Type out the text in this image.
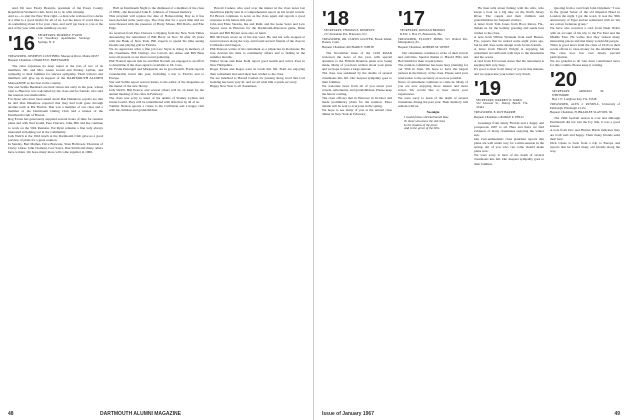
And I'm sure Fuzzy Besnick, president of the Essex County Republican Women's Club, had a lot to do with winning.
And so—to start the New Year right—a man who reviewed two decks at a time is a good model for all of us. Let me know if you'd like to do something about it for your class, and we'll get back to you at the end of the year with some summary on rest.

'16 SECRETARY, MORRIS F. EVANS
112 Woodbury Apartments, Saratoga Springs, N. Y.
TREASURER, JOSEPH H. COUTINHO, Sheepscot River, Maine 04537
Bequest Chairman, CHARLES E. BREYMAIER

The class expresses its deep regret at the loss of two of its members. Mr. and Mrs. Glenn Gould and Stanley Lyman, and sympathy to their families for sincere sympathy. Their widows and members will give up in support of the DARTMOUTH ALUMNI MAGAZINE as the best in the country.
Star and Selma Bernhard are their return last early in the year, whose visit to Hanover was welcomed by the class and its friends, who said the reunion was memorable.
For those who have been asked about Dan Dinsmore, reports are that he and Dan Dinsmore reported that they had both gone through another term at Bar Harbor. Dan was a member of our class and a member of the Dartmouth Outing Club and a trustee of the Dartmouth Club of Boston.
Rog Evans has generously supplied several hours of time for reunion plans and with Ned Gould, Pete Chevers, John, Bill and Ike continue to work on the 50th Reunion. Pat Ryan remains a fine lady always interested in helping out in the community.
Jack Welch at the 1916 lunch at the Dartmouth Club gave us a good preview of plans for a great reunion.
In Sunday, Bert Mathes, Dave Brewster, Slats Holbrook, Thornton of Chevy Chase, John Clement, Lew Sayre, Dan Smith and many others have written. We hope many more will come together in 1966.

Hall on Dartmouth Night to the dismissal of a member of the class of 1866—the Reverend John E. Johnson, of blessed memory.
This program will replace the date of Homecoming Day as it has been decided some years ago. The class met for a good time and we were blessed with the presence of Harry Moses, Bill Davis, and Elie Pugs.
As received from Pete Chevers a clipping from the New York Times announcing the retirement of Bill Berry on Nov. 30 after 43 years with the Bank of New York. Bill expects to spend his time seeing friends and playing golf in Florida.
We do appreciate what a fine job Lew Sayre is doing in memory of his classmates. Bill Chelsey, Joe Carroll, Art Ames and Bill Buss were all present at our most recent gathering.
Phil Noxtell reports that he and Phil Noxtell are engaged to an effort to determine if the class agent is available to Dr. Cass.
Dr. Frank Pettengill and Marguerite are in good health. Frank reports considerable travel this year, including a trip to Florida and to Europe.
Star and Selma report several letters to the editor of the magazine on the matter of the new library.
Jack Welch, Bill Pearce, and several others will be on hand for the annual meeting of the class in February.
The class was sorry to learn of the deaths of Stanley Lyman and Glenn Gould. They will be remembered with affection by all of us.
Tommy Nelson reports a cruise to the Caribbean and a happy visit with his children and grandchildren.

Harold Cashen, who read over the matter in the class notes last month has kindly sent in a comprehensive report on his recent travels.
Ed Brown continues to serve as the class agent and reports a good response to his letters this year.
John and Elsie Stearns, Ike and Ruth, and the Gene Sears and Lew Sayres were in Hanover for the Dartmouth-Princeton game. Rube Green and Bill Bryant were also on hand.
Bill McClean wrote us of his trip west. He and his wife stopped at several places along the way, and found several friends of the class in California and Oregon.
Phil Pearson writes of his retirement as a physician in Rochester. He now devotes his time to community affairs and to fishing in the summer months.
Walter Stone and Russ Kohl report good health and active lives in New Hampshire.
Roger Evans and Roger were in touch this fall. Both are enjoying their retirement and send their best wishes to the class.
We are indebted to Harold Cashen for passing along word that Carl Gehring has been very ill, and we all wish him a quick recovery.
Happy New Year to all classmates.

48	DARTMOUTH ALUMNI MAGAZINE
'18 SECRETARY, THOMAS E. KEMPLEY
217 Alexander Rd., Princeton, N.J.
TREASURER, DR. CURTIS GLOVER, Brook Island, Darien, Conn.
Bequest Chairman, RICHARD F. WHITE

The November issue of the 1918 ROAR reviewed the news of the year, with special attention to the Fiftieth Reunion plans now being made. Many of you have written about your plans and we hope to have a large turnout.
The class was saddened by the deaths of several classmates this fall. Our deepest sympathy goes to their families.
We welcome news from all of you about your travels, retirements, and grandchildren. Please keep the letters coming.
The class officers met in Hanover in October and made preliminary plans for the reunion. More details will be sent to everyone in the spring.
We hope to see many of you at the annual class dinner in New York in February.

'17 SECRETARY, DONALD BROOKS
R.F.D. 1, Box 27, Brunswick, Me.
TREASURER, ELLIOTT BOND, 515 Oxford Rd., Montgomery, Pa.
Bequest Chairman, ROBERT M. WHITE

Our classmates continue to write of their travels and activities. Special thanks to Harold Ellis and Ben Smith for their recent letters.
The reunion committee has been busy planning for our 50th in June. We hope to have the largest turnout in the history of the class. Please send your reservation to the secretary as soon as possible.
News of retirement continues to come in. Many of you are now enjoying more leisure and more travel. We would like to hear about your experiences.
We were sorry to learn of the death of several classmates during the past year. Their memory will remain with us.

Nostalgia
I would follow old Dartmouth Row
To those who know the old class
In the shadow of the pines
And in the green of the hills.

He then tells about fishing with his wife, who keeps a boat on a big lake on the North Jersey River. The couple and their children and grandchildren are frequent visitors.
A letter from Tom Jones from Boca Raton, Fla., thanks us for the holiday greeting and sends best wishes to the class.
A note from Wilbur Wolstein from Gulf Breeze, Fla., reports that he retired some eight years ago, but he still does some design work for his friends.
A letter from Harold Wright is enjoying his retirement in California with trips to the mountains and the ocean.
A card from Ed Gowen states that his retirement is keeping him very busy.
It's good to hear from many of you in this manner, and we appreciate your letters very much.

'19 SECRETARY, WARREN W. WARD
312 Gleason St., Delray Beach, Fla. 33444
TREASURER, E. ROY BARRIE
Bequest Chairman, GEORGE P. FIELD

Greetings from sunny Florida and a happy and prosperous 1967 to all. Here and there we find evidence of many classmates enjoying the winter sun.
Our ever-enthusiastic class president reports that plans are well under way for a mini-reunion in the spring. All of you who can come should make plans now.
We were sorry to hear of the death of several classmates this fall. Our deepest sympathy goes to their families.

Quoting from a card from John Chipman: "I was in the 'grand Salon' of the old Imperial Hotel in London the night I got the word. It was the 50th anniversary of Tiger and he celebrated with us. We are a most fortunate group."
We have also received a card from Nash Wolfe with an account of his trip to the Far East and the Middle East. He writes that they visited many interesting places and met many wonderful people.
There is good news from the class of 1919 on their recent efforts to raise money for the Alumni Fund. The class now has over ninety percent participation.
We are grateful to all who have contributed news for this column. Please keep it coming.

'20 SECRETARY, ARNOLD M. WHITMORE
Box 117, Longboat Key, Fla. 33548
TREASURER, ALEX J. RUSSELL, University of Pittsburgh, Pittsburgh 13, Pa.
Bequest Chairman, H. BRADLEE SLAYTON, JR.

The 1966 football season is over and although Dartmouth did not win the Ivy title, it was a good season.
A note from Doc and Harriet Hatch indicates they are both well and happy. Their many friends send their best.
Dick Chase is back from a trip to Europe and reports that he found many old friends along the way.

Issue of January 1967	49
